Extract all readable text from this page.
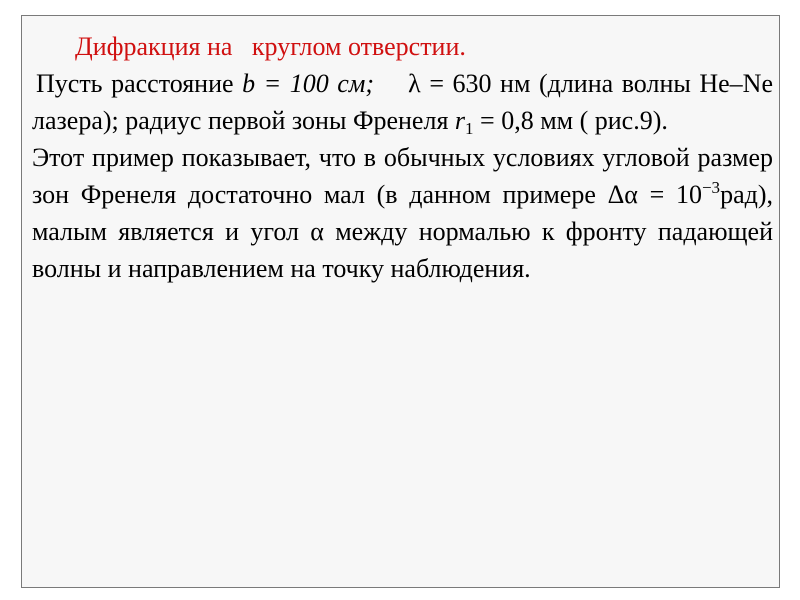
Дифракция на   круглом отверстии.
Пусть расстояние b = 100 см; λ = 630 нм (длина волны He–Ne лазера); радиус первой зоны Френеля $r_1 = 0,8$ мм ( рис.9).
Этот пример показывает, что в обычных условиях угловой размер зон Френеля достаточно мал (в данном примере $\Delta\alpha = 10^{-3}рад$),    малым является и угол α между нормалью к фронту падающей волны и направлением на точку наблюдения.
